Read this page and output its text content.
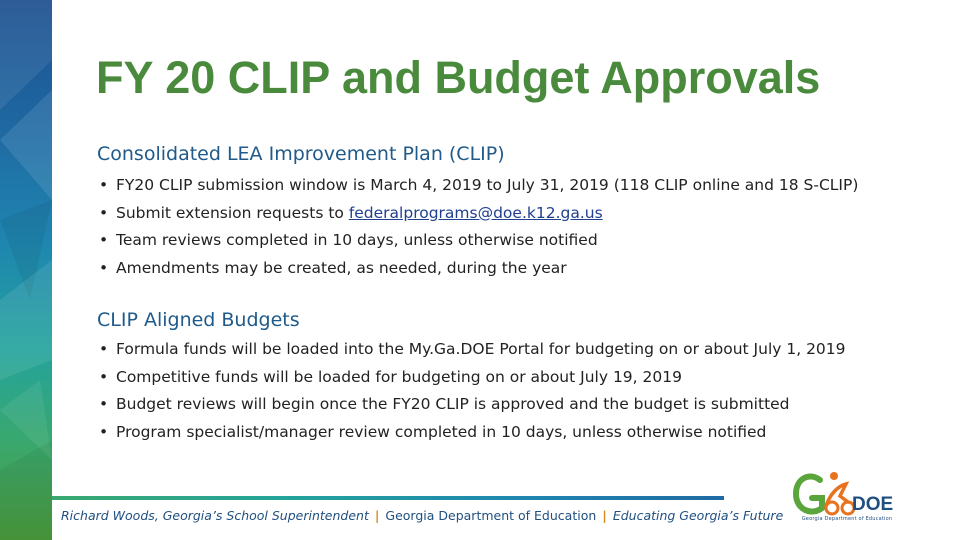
FY 20 CLIP and Budget Approvals
Consolidated LEA Improvement Plan (CLIP)
• FY20 CLIP submission window is March 4, 2019 to July 31, 2019 (118 CLIP online and 18 S-CLIP)
• Submit extension requests to federalprograms@doe.k12.ga.us
• Team reviews completed in 10 days, unless otherwise notified
• Amendments may be created, as needed, during the year
CLIP Aligned Budgets
• Formula funds will be loaded into the My.Ga.DOE Portal for budgeting on or about July 1, 2019
• Competitive funds will be loaded for budgeting on or about July 19, 2019
• Budget reviews will begin once the FY20 CLIP is approved and the budget is submitted
• Program specialist/manager review completed in 10 days, unless otherwise notified
Richard Woods, Georgia’s School Superintendent | Georgia Department of Education | Educating Georgia’s Future
DOE
Georgia Department of Education
